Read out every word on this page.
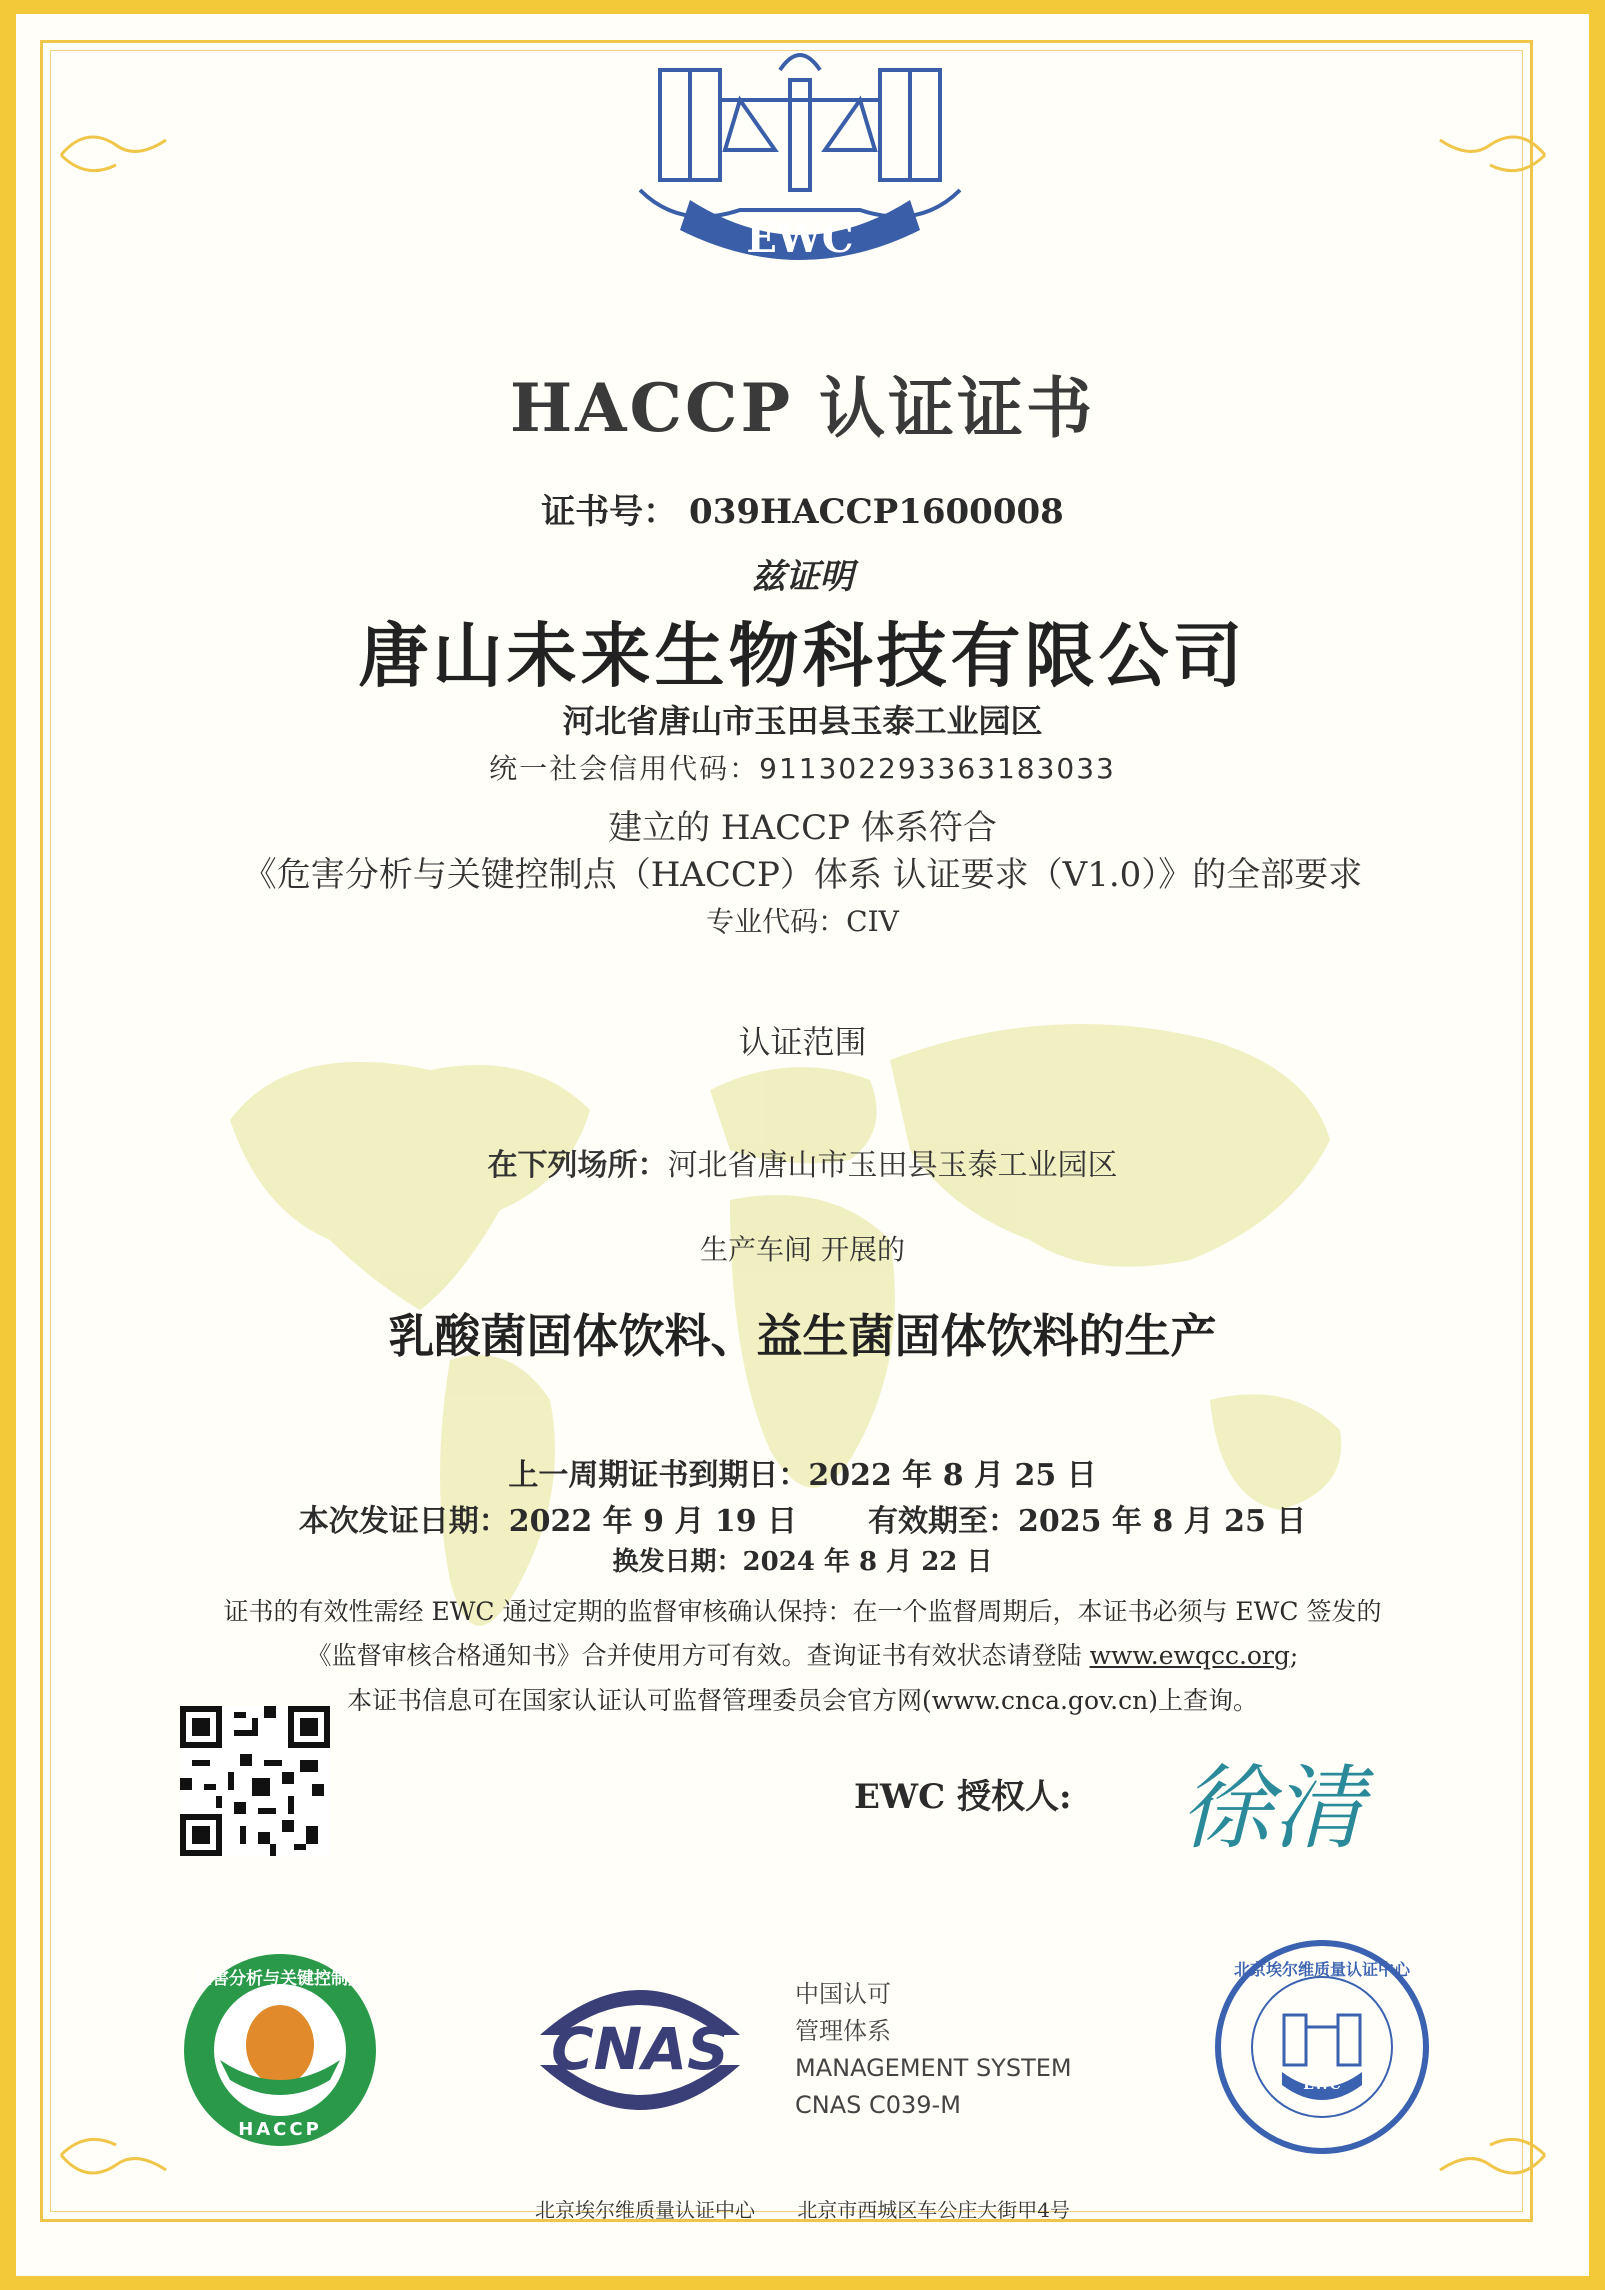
EWC
HACCP 认证证书
证书号： 039HACCP1600008
兹证明
唐山未来生物科技有限公司
河北省唐山市玉田县玉泰工业园区
统一社会信用代码：911302293363183033
建立的 HACCP 体系符合
《危害分析与关键控制点（HACCP）体系 认证要求（V1.0）》的全部要求
专业代码：CIV
认证范围
在下列场所：河北省唐山市玉田县玉泰工业园区
生产车间 开展的
乳酸菌固体饮料、益生菌固体饮料的生产
上一周期证书到期日：2022 年 8 月 25 日
本次发证日期：2022 年 9 月 19 日 有效期至：2025 年 8 月 25 日
换发日期：2024 年 8 月 22 日
证书的有效性需经 EWC 通过定期的监督审核确认保持：在一个监督周期后，本证书必须与 EWC 签发的
《监督审核合格通知书》合并使用方可有效。查询证书有效状态请登陆 www.ewqcc.org;
本证书信息可在国家认证认可监督管理委员会官方网(www.cnca.gov.cn)上查询。
EWC 授权人: 徐清
危害分析与关键控制点
HACCP
CNAS
中国认可
管理体系
MANAGEMENT SYSTEM
CNAS C039-M
北京埃尔维质量认证中心
EWC
北京埃尔维质量认证中心 北京市西城区车公庄大街甲4号
